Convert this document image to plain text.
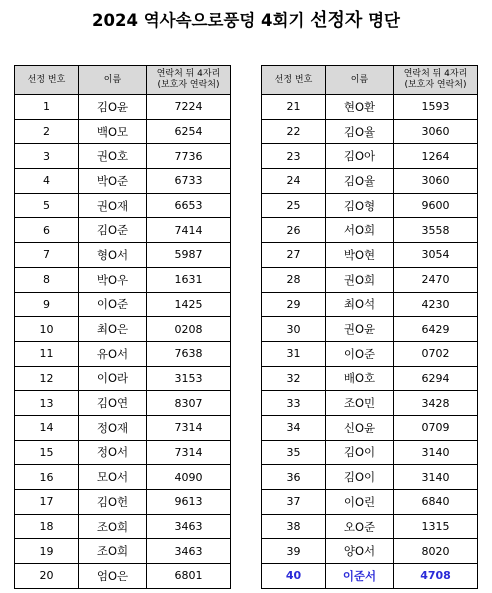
2024 역사속으로풍덩 4회기 선정자 명단
선정 번호	이름	연락처 뒤 4자리
(보호자 연락처)
1	김O윤	7224
2	백O모	6254
3	권O호	7736
4	박O준	6733
5	권O재	6653
6	김O준	7414
7	형O서	5987
8	박O우	1631
9	이O준	1425
10	최O은	0208
11	유O서	7638
12	이O라	3153
13	김O연	8307
14	정O재	7314
15	정O서	7314
16	모O서	4090
17	김O헌	9613
18	조O희	3463
19	조O희	3463
20	엄O은	6801
선정 번호	이름	연락처 뒤 4자리
(보호자 연락처)
21	현O환	1593
22	김O율	3060
23	김O아	1264
24	김O율	3060
25	김O형	9600
26	서O희	3558
27	박O현	3054
28	권O희	2470
29	최O석	4230
30	권O윤	6429
31	이O준	0702
32	배O호	6294
33	조O민	3428
34	신O윤	0709
35	김O이	3140
36	김O이	3140
37	이O린	6840
38	오O준	1315
39	양O서	8020
40	이준서	4708
